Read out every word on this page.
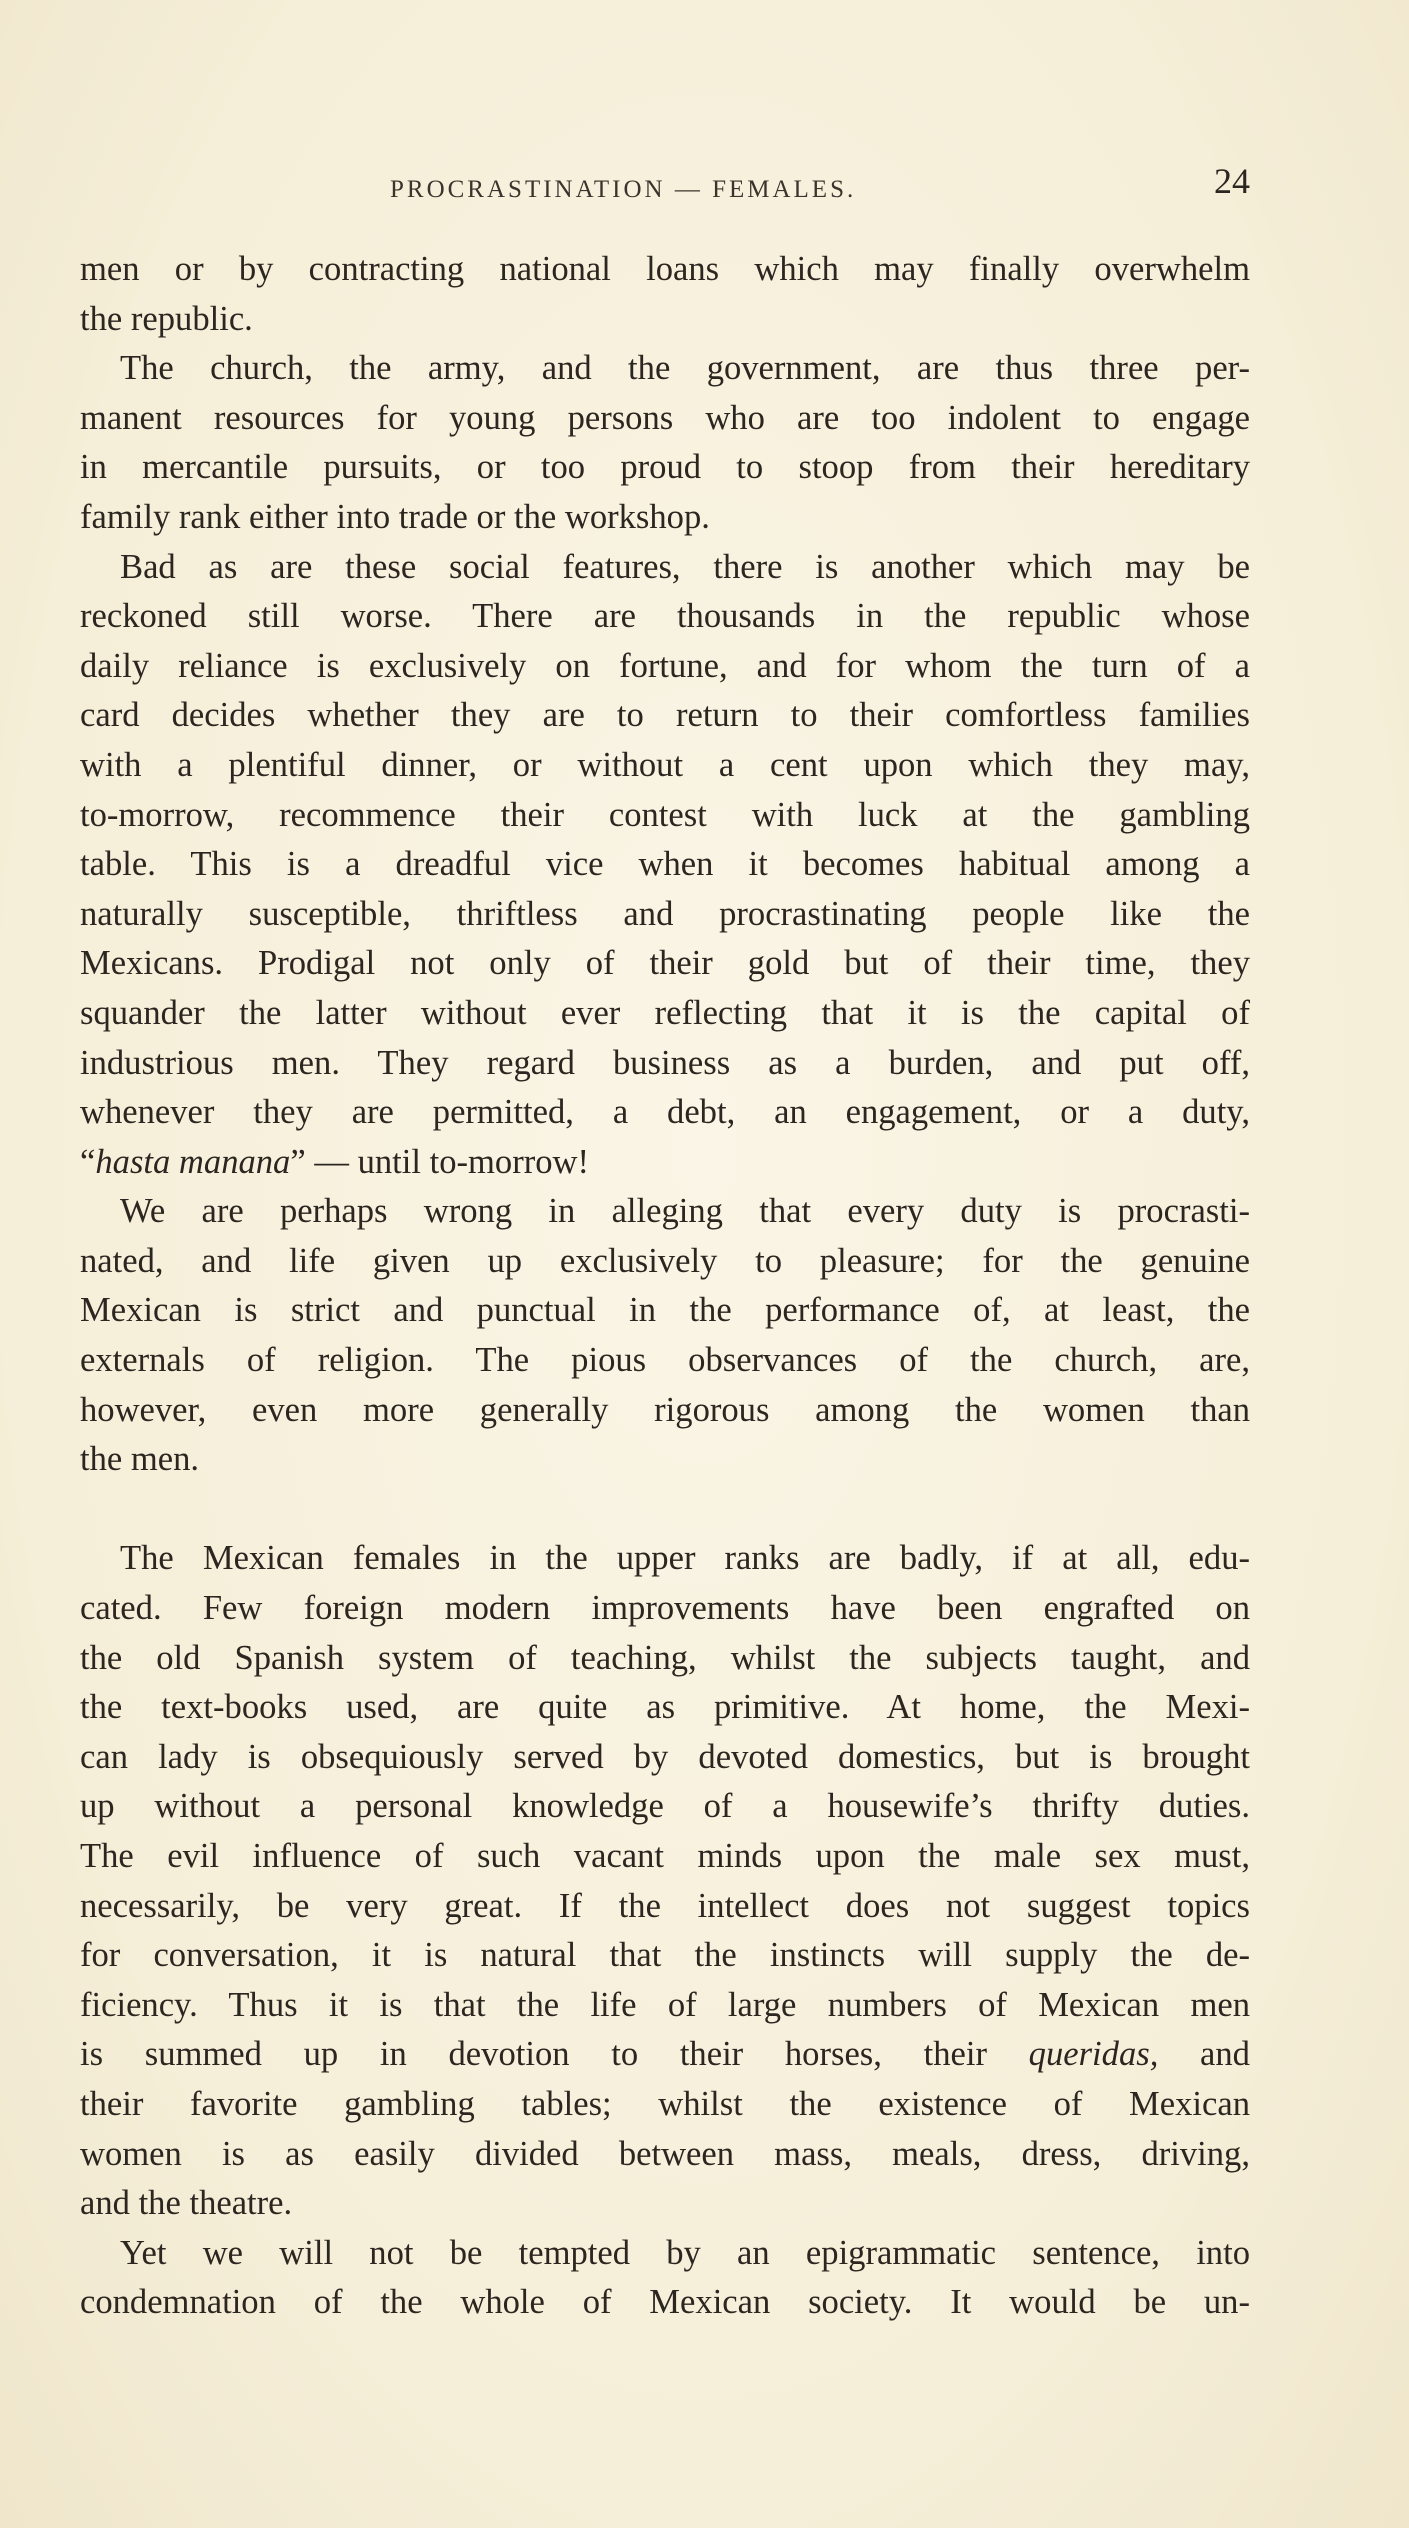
PROCRASTINATION — FEMALES.	24
men or by contracting national loans which may finally overwhelm
the republic.
The church, the army, and the government, are thus three per-
manent resources for young persons who are too indolent to engage
in mercantile pursuits, or too proud to stoop from their hereditary
family rank either into trade or the workshop.
Bad as are these social features, there is another which may be
reckoned still worse. There are thousands in the republic whose
daily reliance is exclusively on fortune, and for whom the turn of a
card decides whether they are to return to their comfortless families
with a plentiful dinner, or without a cent upon which they may,
to-morrow, recommence their contest with luck at the gambling
table. This is a dreadful vice when it becomes habitual among a
naturally susceptible, thriftless and procrastinating people like the
Mexicans. Prodigal not only of their gold but of their time, they
squander the latter without ever reflecting that it is the capital of
industrious men. They regard business as a burden, and put off,
whenever they are permitted, a debt, an engagement, or a duty,
“hasta manana” — until to-morrow!
We are perhaps wrong in alleging that every duty is procrasti-
nated, and life given up exclusively to pleasure; for the genuine
Mexican is strict and punctual in the performance of, at least, the
externals of religion. The pious observances of the church, are,
however, even more generally rigorous among the women than
the men.
The Mexican females in the upper ranks are badly, if at all, edu-
cated. Few foreign modern improvements have been engrafted on
the old Spanish system of teaching, whilst the subjects taught, and
the text-books used, are quite as primitive. At home, the Mexi-
can lady is obsequiously served by devoted domestics, but is brought
up without a personal knowledge of a housewife’s thrifty duties.
The evil influence of such vacant minds upon the male sex must,
necessarily, be very great. If the intellect does not suggest topics
for conversation, it is natural that the instincts will supply the de-
ficiency. Thus it is that the life of large numbers of Mexican men
is summed up in devotion to their horses, their queridas, and
their favorite gambling tables; whilst the existence of Mexican
women is as easily divided between mass, meals, dress, driving,
and the theatre.
Yet we will not be tempted by an epigrammatic sentence, into
condemnation of the whole of Mexican society. It would be un-
